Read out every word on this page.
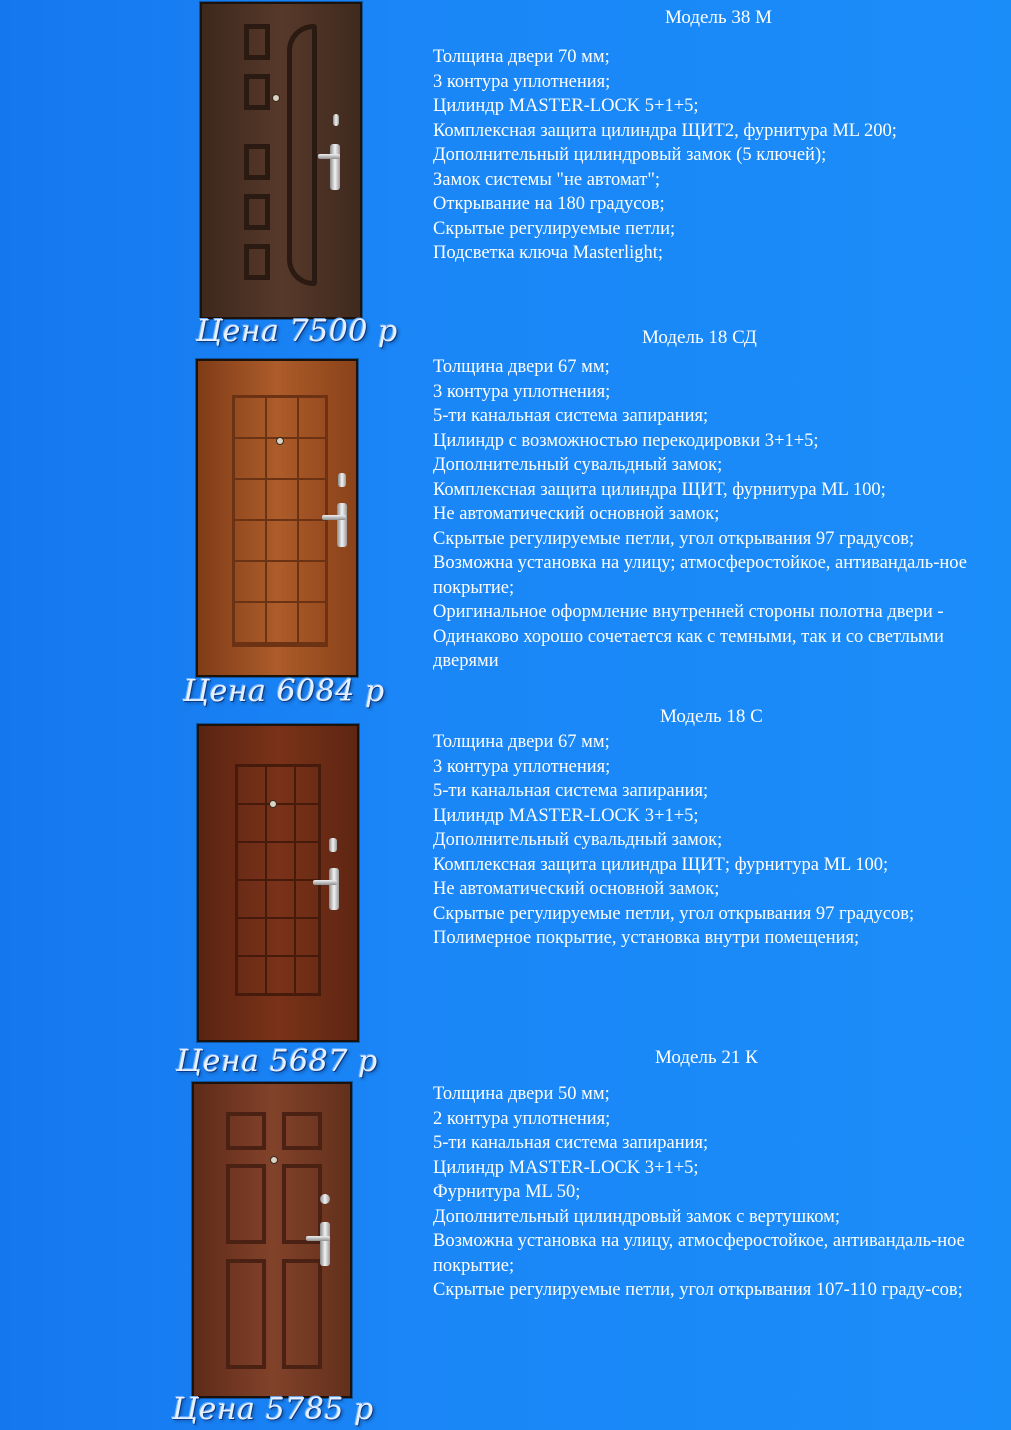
Цена 7500 р
Модель 38 М
Толщина двери 70 мм;
3 контура уплотнения;
Цилиндр MASTER-LOCK 5+1+5;
Комплексная защита цилиндра ЩИТ2, фурнитура ML 200;
Дополнительный цилиндровый замок (5 ключей);
Замок системы "не автомат";
Открывание на 180 градусов;
Скрытые регулируемые петли;
Подсветка ключа Masterlight;
Цена 6084 р
Модель 18 СД
Толщина двери 67 мм;
3 контура уплотнения;
5-ти канальная система запирания;
Цилиндр с возможностью перекодировки 3+1+5;
Дополнительный сувальдный замок;
Комплексная защита цилиндра ЩИТ, фурнитура ML 100;
Не автоматический основной замок;
Скрытые регулируемые петли, угол открывания 97 градусов;
Возможна установка на улицу; атмосферостойкое, антивандаль-ное покрытие;
Оригинальное оформление внутренней стороны полотна двери - Одинаково хорошо сочетается как с темными, так и со светлыми дверями
Цена 5687 р
Модель 18 С
Толщина двери 67 мм;
3 контура уплотнения;
5-ти канальная система запирания;
Цилиндр MASTER-LOCK 3+1+5;
Дополнительный сувальдный замок;
Комплексная защита цилиндра ЩИТ; фурнитура ML 100;
Не автоматический основной замок;
Скрытые регулируемые петли, угол открывания 97 градусов;
Полимерное покрытие, установка внутри помещения;
Цена 5785 р
Модель 21 К
Толщина двери 50 мм;
2 контура уплотнения;
5-ти канальная система запирания;
Цилиндр MASTER-LOCK 3+1+5;
Фурнитура ML 50;
Дополнительный цилиндровый замок с вертушком;
Возможна установка на улицу, атмосферостойкое, антивандаль-ное покрытие;
Скрытые регулируемые петли, угол открывания 107-110 граду-сов;
